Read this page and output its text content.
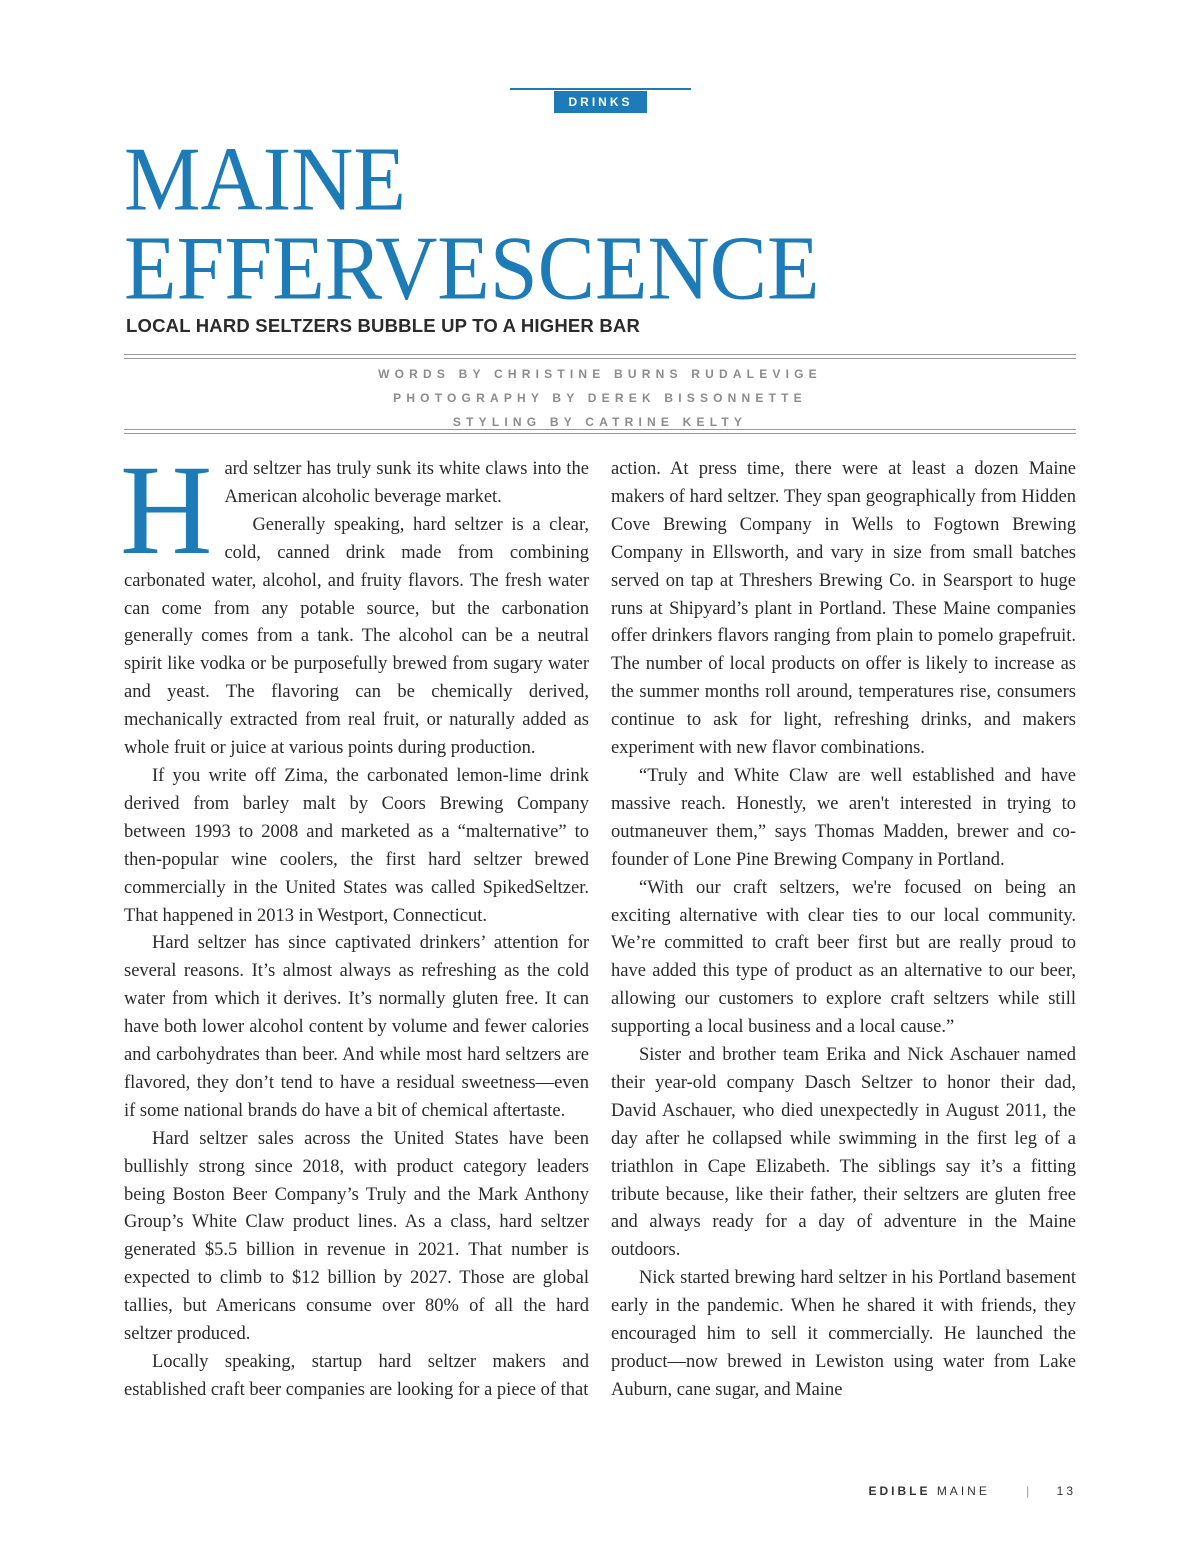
DRINKS
MAINE
EFFERVESCENCE
LOCAL HARD SELTZERS BUBBLE UP TO A HIGHER BAR
WORDS BY CHRISTINE BURNS RUDALEVIGE
PHOTOGRAPHY BY DEREK BISSONNETTE
STYLING BY CATRINE KELTY
H ard seltzer has truly sunk its white claws into the American alcoholic beverage market.

Generally speaking, hard seltzer is a clear, cold, canned drink made from combining carbonated water, alcohol, and fruity flavors. The fresh water can come from any potable source, but the carbonation generally comes from a tank. The alcohol can be a neutral spirit like vodka or be purposefully brewed from sugary water and yeast. The flavoring can be chemically derived, mechanically extracted from real fruit, or naturally added as whole fruit or juice at various points during production.

If you write off Zima, the carbonated lemon-lime drink derived from barley malt by Coors Brewing Company between 1993 to 2008 and marketed as a “malternative” to then-popular wine coolers, the first hard seltzer brewed commercially in the United States was called SpikedSeltzer. That happened in 2013 in Westport, Connecticut.

Hard seltzer has since captivated drinkers’ attention for several reasons. It’s almost always as refreshing as the cold water from which it derives. It’s normally gluten free. It can have both lower alcohol content by volume and fewer calories and carbohydrates than beer. And while most hard seltzers are flavored, they don’t tend to have a residual sweetness—even if some national brands do have a bit of chemical aftertaste.

Hard seltzer sales across the United States have been bullishly strong since 2018, with product category leaders being Boston Beer Company’s Truly and the Mark Anthony Group’s White Claw product lines. As a class, hard seltzer generated $5.5 billion in revenue in 2021. That number is expected to climb to $12 billion by 2027. Those are global tallies, but Americans consume over 80% of all the hard seltzer produced.

Locally speaking, startup hard seltzer makers and established craft beer companies are looking for a piece of that

action. At press time, there were at least a dozen Maine makers of hard seltzer. They span geographically from Hidden Cove Brewing Company in Wells to Fogtown Brewing Company in Ellsworth, and vary in size from small batches served on tap at Threshers Brewing Co. in Searsport to huge runs at Shipyard’s plant in Portland. These Maine companies offer drinkers flavors ranging from plain to pomelo grapefruit. The number of local products on offer is likely to increase as the summer months roll around, temperatures rise, consumers continue to ask for light, refreshing drinks, and makers experiment with new flavor combinations.

“Truly and White Claw are well established and have massive reach. Honestly, we aren't interested in trying to outmaneuver them,” says Thomas Madden, brewer and co-founder of Lone Pine Brewing Company in Portland.

“With our craft seltzers, we're focused on being an exciting alternative with clear ties to our local community. We’re committed to craft beer first but are really proud to have added this type of product as an alternative to our beer, allowing our customers to explore craft seltzers while still supporting a local business and a local cause.”

Sister and brother team Erika and Nick Aschauer named their year-old company Dasch Seltzer to honor their dad, David Aschauer, who died unexpectedly in August 2011, the day after he collapsed while swimming in the first leg of a triathlon in Cape Elizabeth. The siblings say it’s a fitting tribute because, like their father, their seltzers are gluten free and always ready for a day of adventure in the Maine outdoors.

Nick started brewing hard seltzer in his Portland basement early in the pandemic. When he shared it with friends, they encouraged him to sell it commercially. He launched the product—now brewed in Lewiston using water from Lake Auburn, cane sugar, and Maine

EDIBLE MAINE	| 13
